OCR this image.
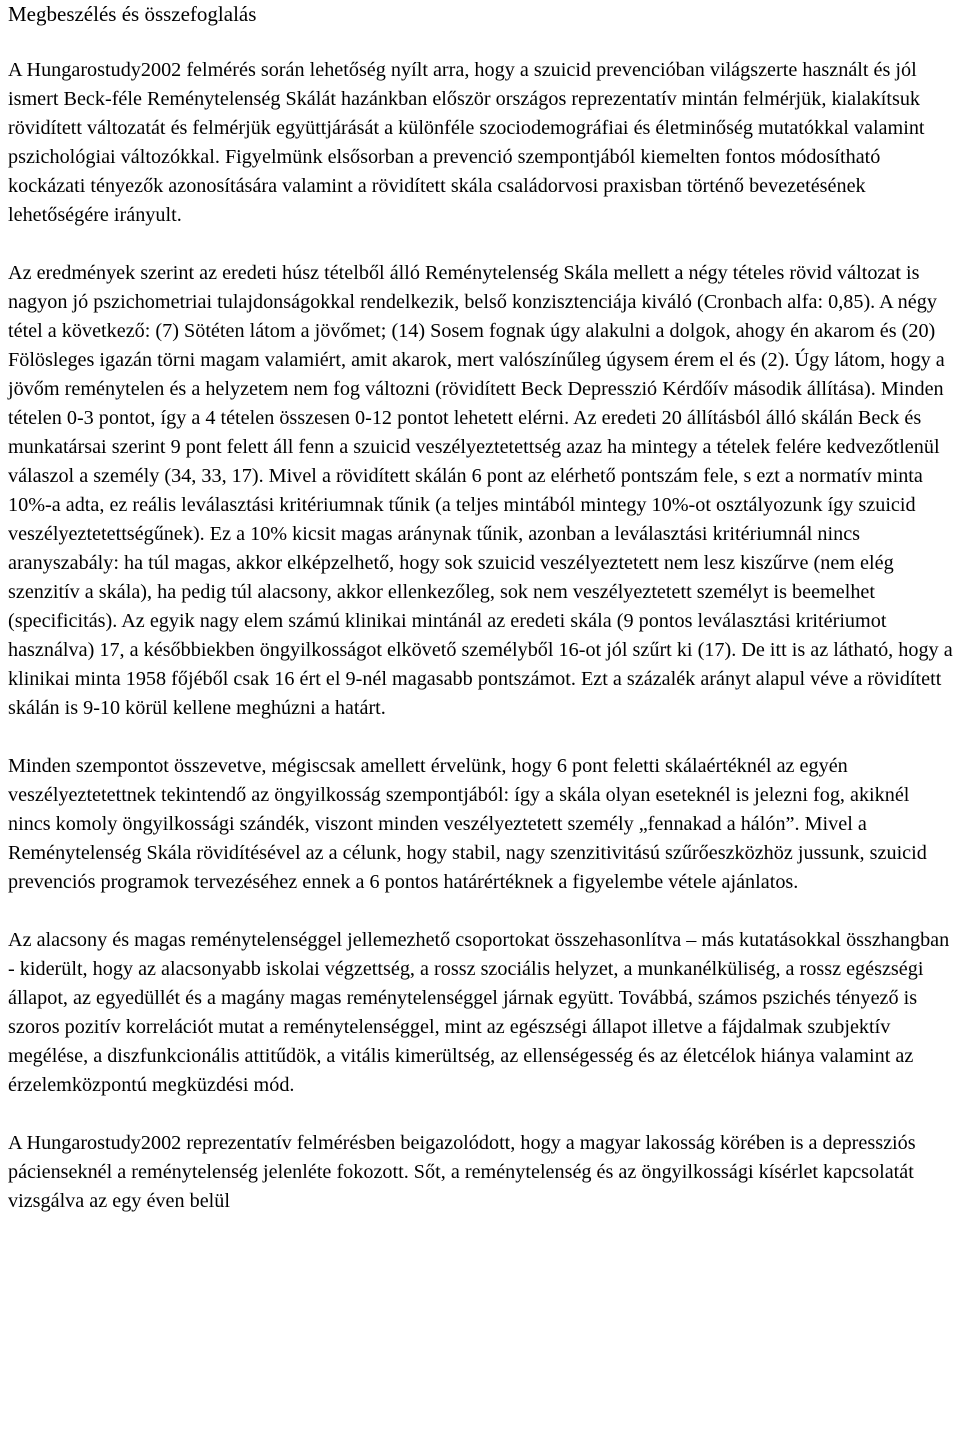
Megbeszélés és összefoglalás

A Hungarostudy2002 felmérés során lehetőség nyílt arra, hogy a szuicid prevencióban világszerte használt és jól ismert Beck-féle Reménytelenség Skálát hazánkban először országos reprezentatív mintán felmérjük, kialakítsuk rövidített változatát és felmérjük együttjárását a különféle szociodemográfiai és életminőség mutatókkal valamint pszichológiai változókkal. Figyelmünk elsősorban a prevenció szempontjából kiemelten fontos módosítható kockázati tényezők azonosítására valamint a rövidített skála családorvosi praxisban történő bevezetésének lehetőségére irányult.

Az eredmények szerint az eredeti húsz tételből álló Reménytelenség Skála mellett a négy tételes rövid változat is nagyon jó pszichometriai tulajdonságokkal rendelkezik, belső konzisztenciája kiváló (Cronbach alfa: 0,85). A négy tétel a következő: (7) Sötéten látom a jövőmet; (14) Sosem fognak úgy alakulni a dolgok, ahogy én akarom és (20) Fölösleges igazán törni magam valamiért, amit akarok, mert valószínűleg úgysem érem el és (2). Úgy látom, hogy a jövőm reménytelen és a helyzetem nem fog változni (rövidített Beck Depresszió Kérdőív második állítása). Minden tételen 0-3 pontot, így a 4 tételen összesen 0-12 pontot lehetett elérni. Az eredeti 20 állításból álló skálán Beck és munkatársai szerint 9 pont felett áll fenn a szuicid veszélyeztetettség azaz ha mintegy a tételek felére kedvezőtlenül válaszol a személy (34, 33, 17). Mivel a rövidített skálán 6 pont az elérhető pontszám fele, s ezt a normatív minta 10%-a adta, ez reális leválasztási kritériumnak tűnik (a teljes mintából mintegy 10%-ot osztályozunk így szuicid veszélyeztetettségűnek). Ez a 10% kicsit magas aránynak tűnik, azonban a leválasztási kritériumnál nincs aranyszabály: ha túl magas, akkor elképzelhető, hogy sok szuicid veszélyeztetett nem lesz kiszűrve (nem elég szenzitív a skála), ha pedig túl alacsony, akkor ellenkezőleg, sok nem veszélyeztetett személyt is beemelhet (specificitás). Az egyik nagy elem számú klinikai mintánál az eredeti skála (9 pontos leválasztási kritériumot használva) 17, a későbbiekben öngyilkosságot elkövető személyből 16-ot jól szűrt ki (17). De itt is az látható, hogy a klinikai minta 1958 főjéből csak 16 ért el 9-nél magasabb pontszámot. Ezt a százalék arányt alapul véve a rövidített skálán is 9-10 körül kellene meghúzni a határt.

Minden szempontot összevetve, mégiscsak amellett érvelünk, hogy 6 pont feletti skálaértéknél az egyén veszélyeztetettnek tekintendő az öngyilkosság szempontjából: így a skála olyan eseteknél is jelezni fog, akiknél nincs komoly öngyilkossági szándék, viszont minden veszélyeztetett személy „fennakad a hálón”. Mivel a Reménytelenség Skála rövidítésével az a célunk, hogy stabil, nagy szenzitivitású szűrőeszközhöz jussunk, szuicid prevenciós programok tervezéséhez ennek a 6 pontos határértéknek a figyelembe vétele ajánlatos.

Az alacsony és magas reménytelenséggel jellemezhető csoportokat összehasonlítva – más kutatásokkal összhangban - kiderült, hogy az alacsonyabb iskolai végzettség, a rossz szociális helyzet, a munkanélküliség, a rossz egészségi állapot, az egyedüllét és a magány magas reménytelenséggel járnak együtt. Továbbá, számos pszichés tényező is szoros pozitív korrelációt mutat a reménytelenséggel, mint az egészségi állapot illetve a fájdalmak szubjektív megélése, a diszfunkcionális attitűdök, a vitális kimerültség, az ellenségesség és az életcélok hiánya valamint az érzelemközpontú megküzdési mód.

A Hungarostudy2002 reprezentatív felmérésben beigazolódott, hogy a magyar lakosság körében is a depressziós pácienseknél a reménytelenség jelenléte fokozott. Sőt, a reménytelenség és az öngyilkossági kísérlet kapcsolatát vizsgálva az egy éven belül
